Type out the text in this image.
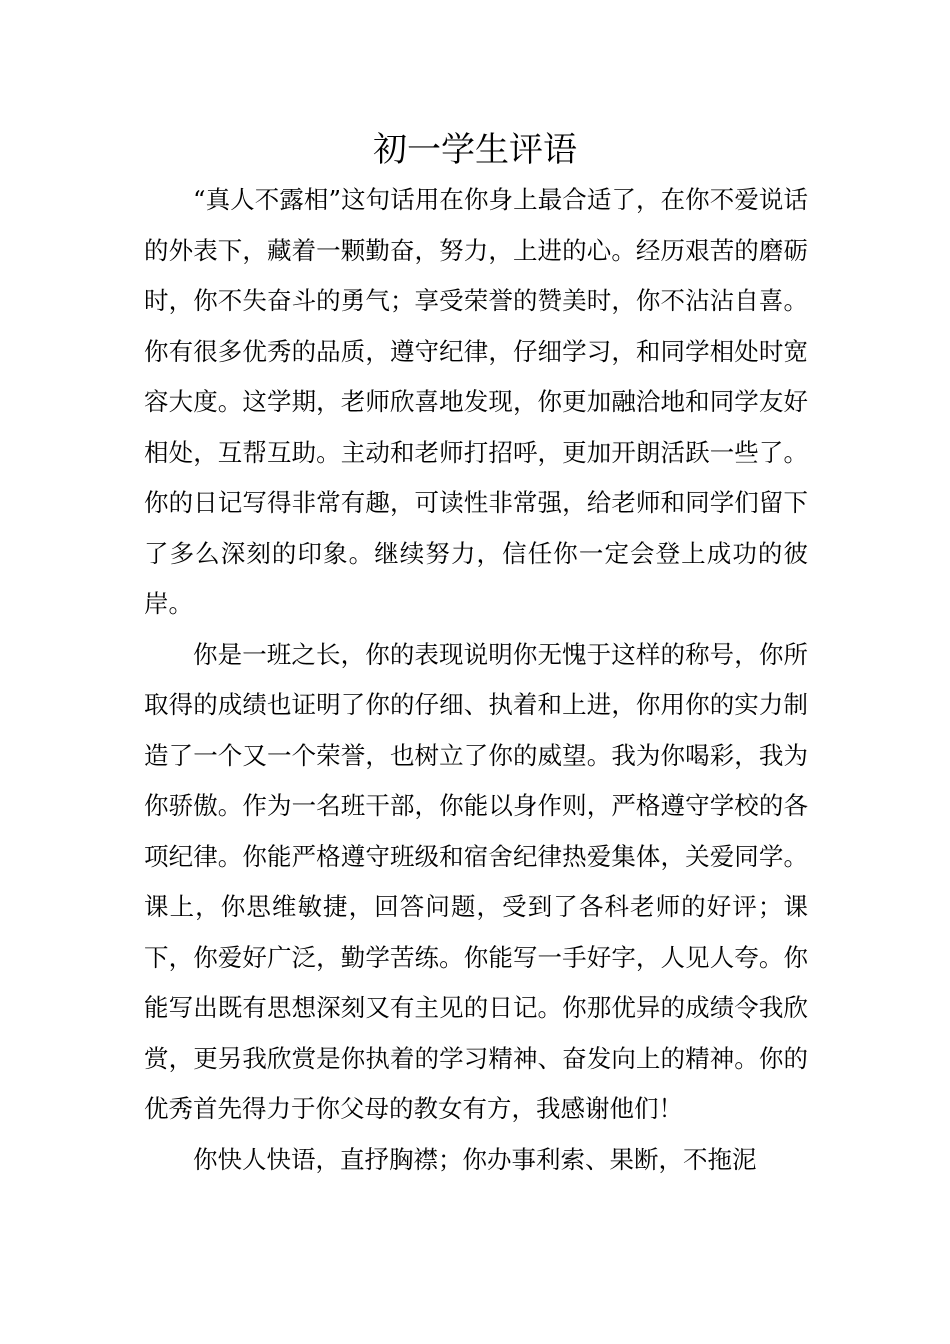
初一学生评语

“真人不露相”这句话用在你身上最合适了，在你不爱说话的外表下，藏着一颗勤奋，努力，上进的心。经历艰苦的磨砺时，你不失奋斗的勇气；享受荣誉的赞美时，你不沾沾自喜。你有很多优秀的品质，遵守纪律，仔细学习，和同学相处时宽容大度。这学期，老师欣喜地发现，你更加融洽地和同学友好相处，互帮互助。主动和老师打招呼，更加开朗活跃一些了。你的日记写得非常有趣，可读性非常强，给老师和同学们留下了多么深刻的印象。继续努力，信任你一定会登上成功的彼岸。

你是一班之长，你的表现说明你无愧于这样的称号，你所取得的成绩也证明了你的仔细、执着和上进，你用你的实力制造了一个又一个荣誉，也树立了你的威望。我为你喝彩，我为你骄傲。作为一名班干部，你能以身作则，严格遵守学校的各项纪律。你能严格遵守班级和宿舍纪律热爱集体，关爱同学。课上，你思维敏捷，回答问题，受到了各科老师的好评；课下，你爱好广泛，勤学苦练。你能写一手好字，人见人夸。你能写出既有思想深刻又有主见的日记。你那优异的成绩令我欣赏，更另我欣赏是你执着的学习精神、奋发向上的精神。你的优秀首先得力于你父母的教女有方，我感谢他们！

你快人快语，直抒胸襟；你办事利索、果断，不拖泥
